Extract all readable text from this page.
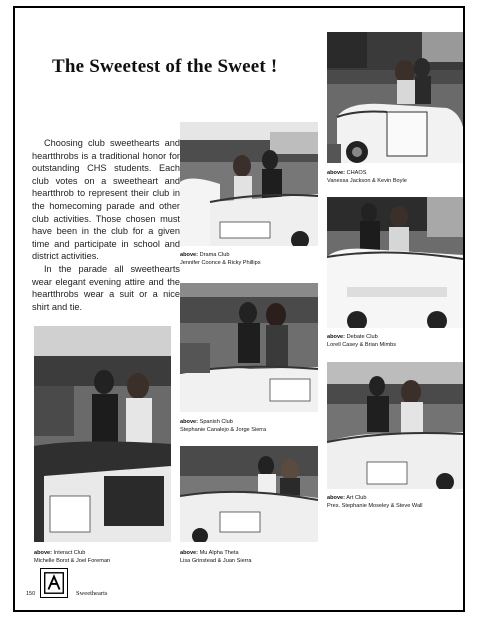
The Sweetest of the Sweet !

Choosing club sweethearts and heartthrobs is a traditional honor for outstanding CHS students. Each club votes on a sweetheart and heartthrob to represent their club in the homecoming parade and other club activities. Those chosen must have been in the club for a given time and participate in school and district activities.

In the parade all sweethearts wear elegant evening attire and the heartthrobs wear a suit or a nice shirt and tie.

above: CHAOS
Vanessa Jackson & Kevin Boyle
above: Drama Club
Jennifer Coonce & Ricky Phillips
above: Debate Club
Lorell Casey & Brian Mimbs
above: Spanish Club
Stephanie Canalejo & Jorge Sierra
above: Art Club
Pres. Stephanie Moseley & Steve Wall
above: Interact Club
Michelle Borst & Joel Foreman
above: Mu Alpha Theta
Lisa Grinstead & Juan Sierra
150	Sweethearts
